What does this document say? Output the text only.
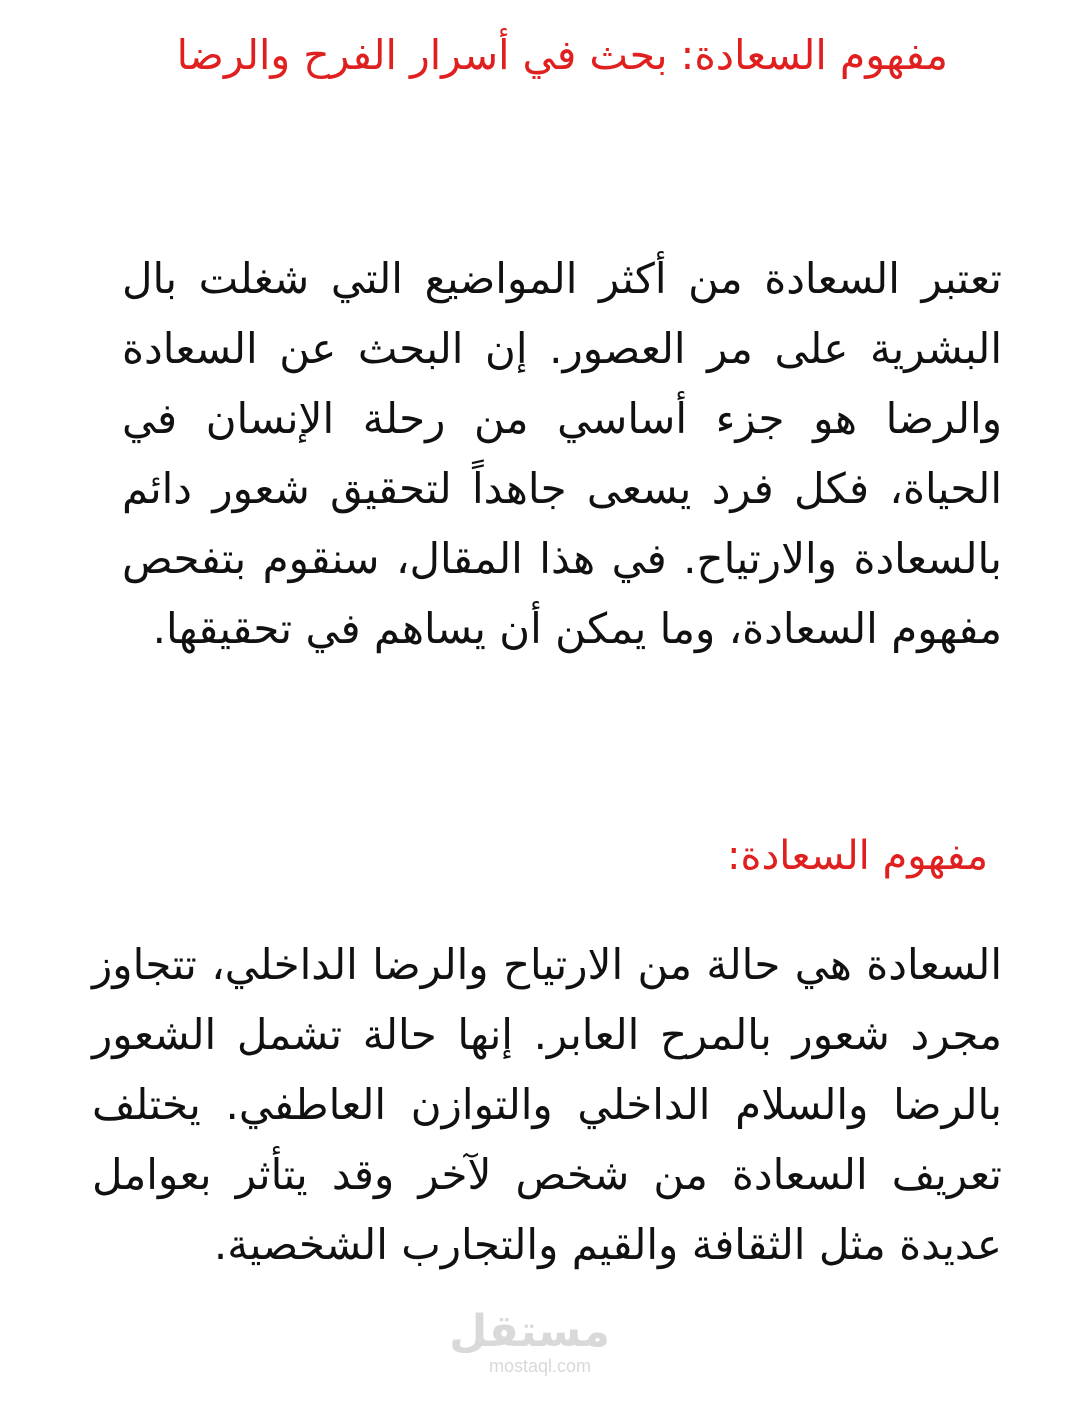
مفهوم السعادة: بحث في أسرار الفرح والرضا

تعتبر السعادة من أكثر المواضيع التي شغلت بال البشرية على مر العصور. إن البحث عن السعادة والرضا هو جزء أساسي من رحلة الإنسان في الحياة، فكل فرد يسعى جاهداً لتحقيق شعور دائم بالسعادة والارتياح. في هذا المقال، سنقوم بتفحص مفهوم السعادة، وما يمكن أن يساهم في تحقيقها.

مفهوم السعادة:

السعادة هي حالة من الارتياح والرضا الداخلي، تتجاوز مجرد شعور بالمرح العابر. إنها حالة تشمل الشعور بالرضا والسلام الداخلي والتوازن العاطفي. يختلف تعريف السعادة من شخص لآخر وقد يتأثر بعوامل عديدة مثل الثقافة والقيم والتجارب الشخصية.

مستقل
mostaql.com
